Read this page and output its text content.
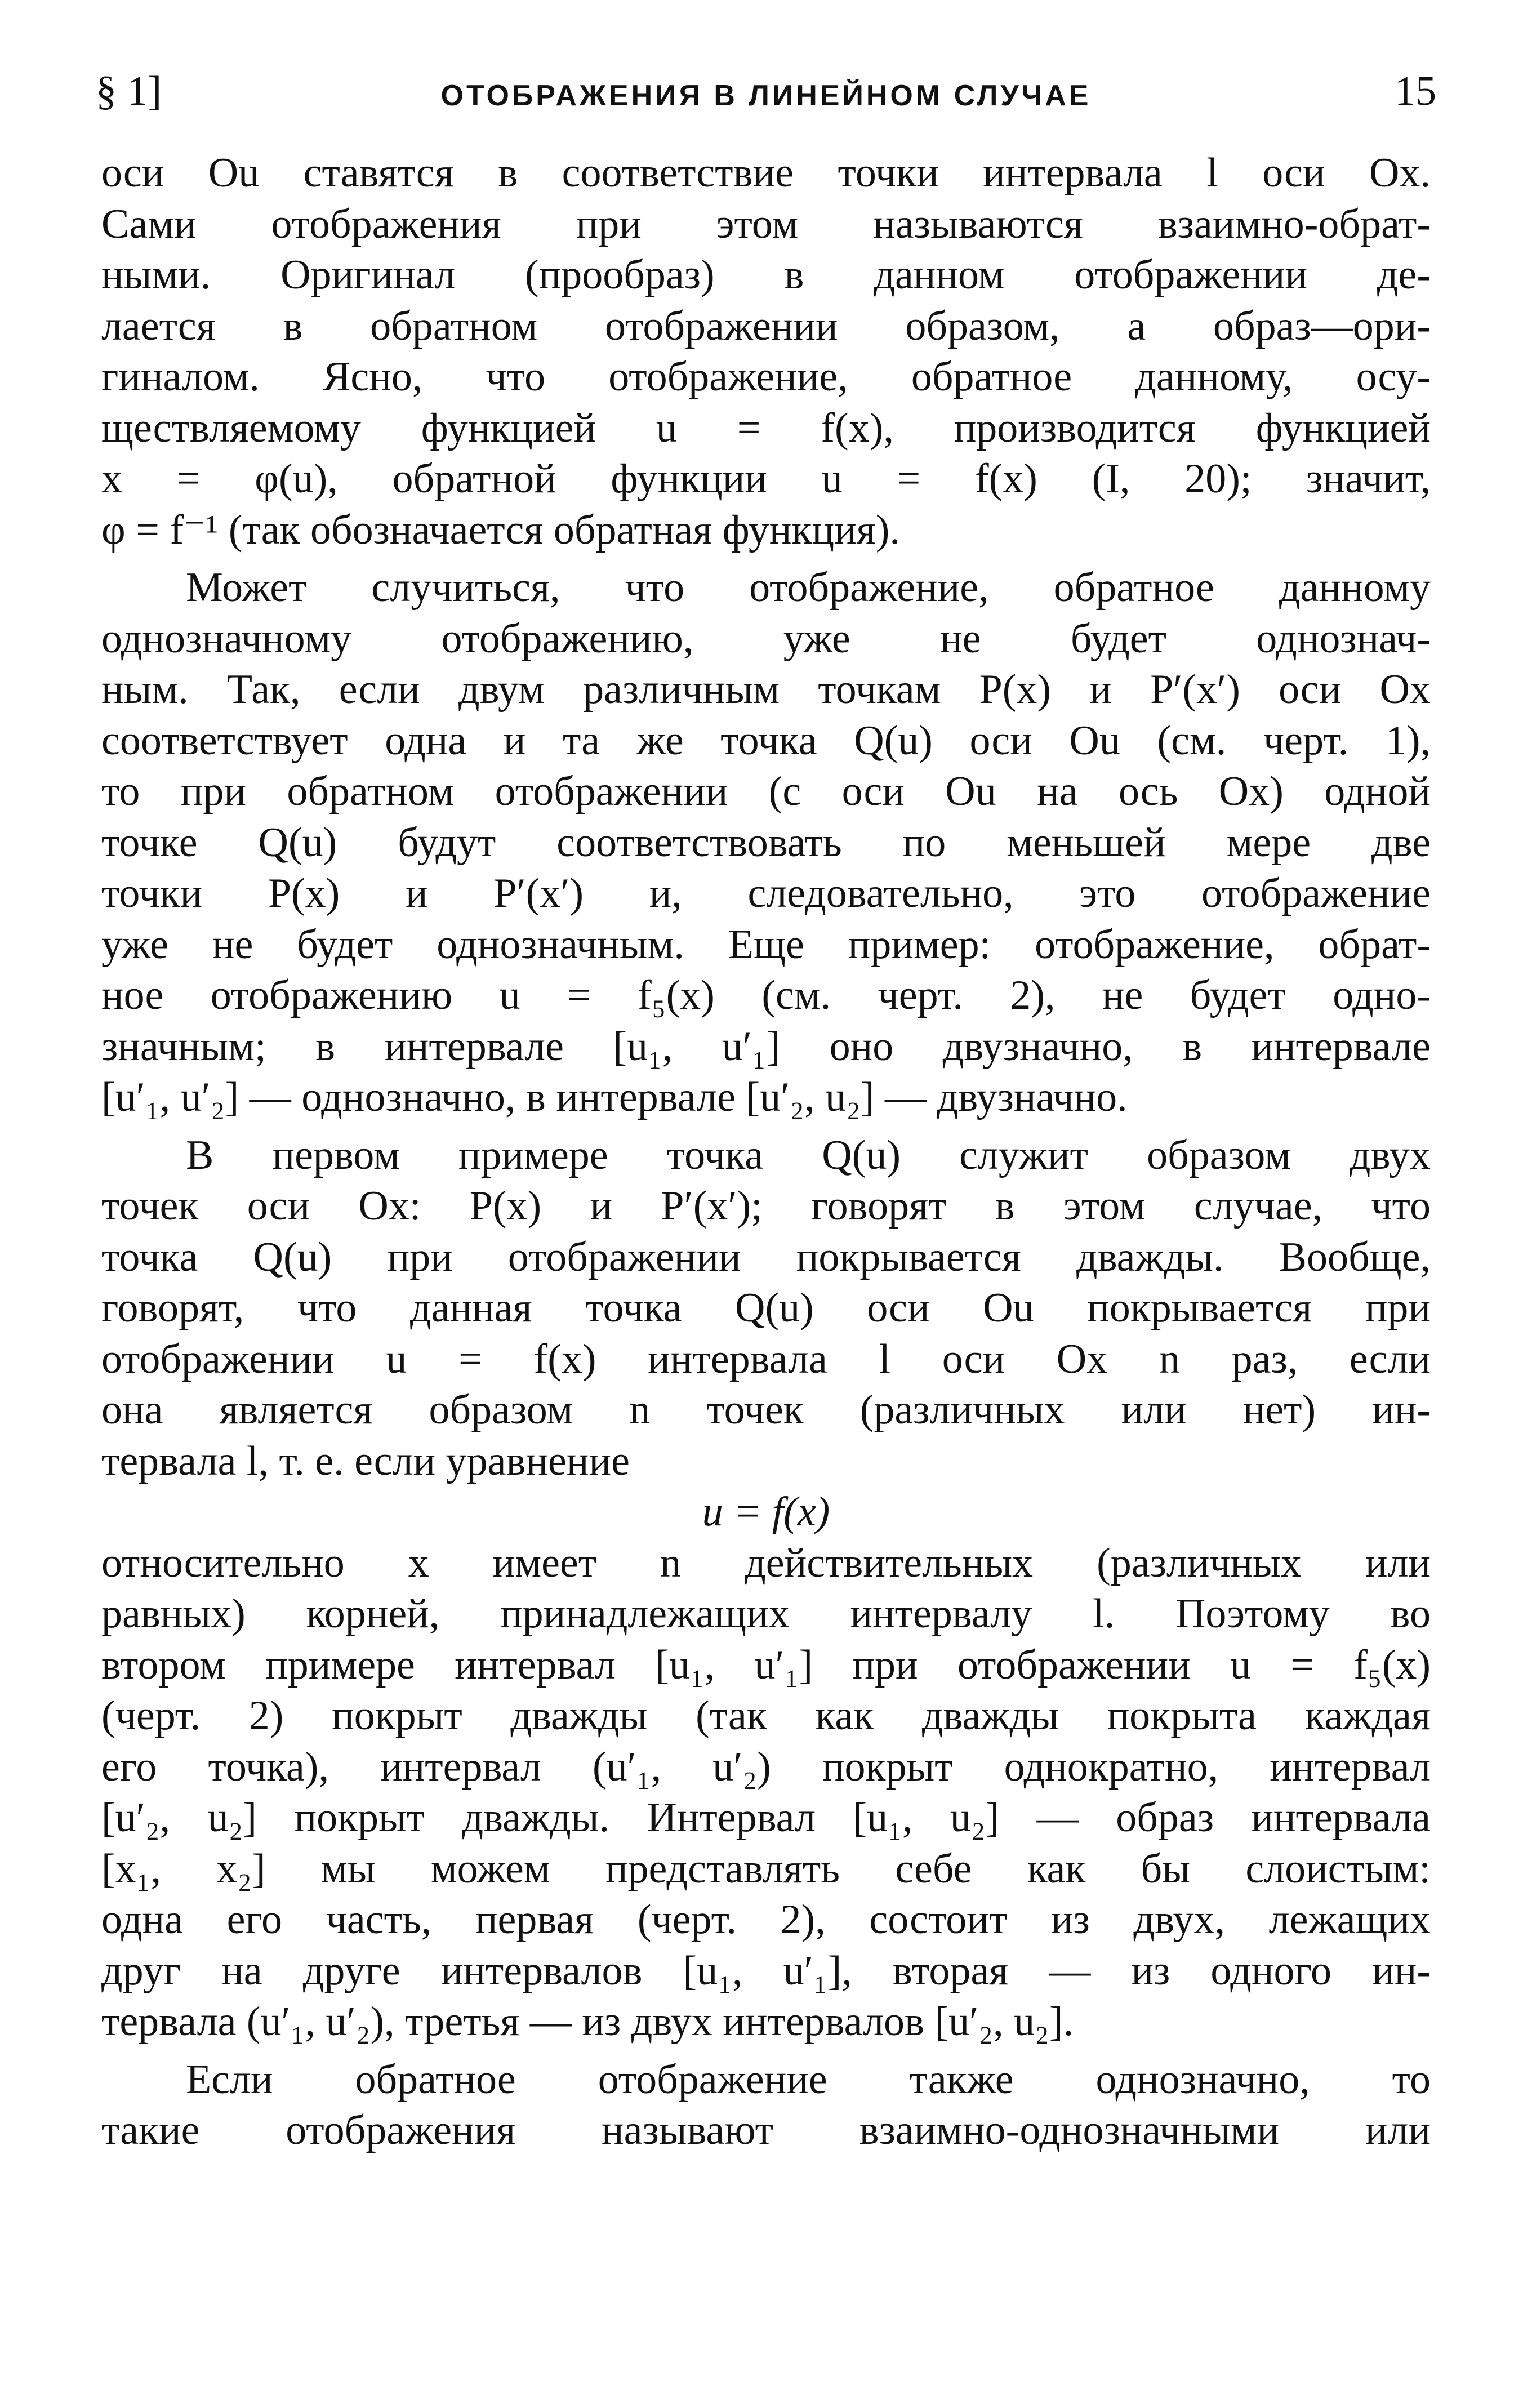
§ 1]	ОТОБРАЖЕНИЯ В ЛИНЕЙНОМ СЛУЧАЕ	15
оси Ou ставятся в соответствие точки интервала l оси Ox.
Сами отображения при этом называются взаимно-обрат-
ными. Оригинал (прообраз) в данном отображении де-
лается в обратном отображении образом, а образ—ори-
гиналом. Ясно, что отображение, обратное данному, осу-
ществляемому функцией u = f(x), производится функцией
x = φ(u), обратной функции u = f(x) (I, 20); значит,
φ = f⁻¹ (так обозначается обратная функция).
Может случиться, что отображение, обратное данному
однозначному отображению, уже не будет однознач-
ным. Так, если двум различным точкам P(x) и P′(x′) оси Ox
соответствует одна и та же точка Q(u) оси Ou (см. черт. 1),
то при обратном отображении (с оси Ou на ось Ox) одной
точке Q(u) будут соответствовать по меньшей мере две
точки P(x) и P′(x′) и, следовательно, это отображение
уже не будет однозначным. Еще пример: отображение, обрат-
ное отображению u = f₅(x) (см. черт. 2), не будет одно-
значным; в интервале [u₁, u′₁] оно двузначно, в интервале
[u′₁, u′₂] — однозначно, в интервале [u′₂, u₂] — двузначно.
В первом примере точка Q(u) служит образом двух
точек оси Ox: P(x) и P′(x′); говорят в этом случае, что
точка Q(u) при отображении покрывается дважды. Вообще,
говорят, что данная точка Q(u) оси Ou покрывается при
отображении u = f(x) интервала l оси Ox n раз, если
она является образом n точек (различных или нет) ин-
тервала l, т. е. если уравнение
u = f(x)
относительно x имеет n действительных (различных или
равных) корней, принадлежащих интервалу l. Поэтому во
втором примере интервал [u₁, u′₁] при отображении u = f₅(x)
(черт. 2) покрыт дважды (так как дважды покрыта каждая
его точка), интервал (u′₁, u′₂) покрыт однократно, интервал
[u′₂, u₂] покрыт дважды. Интервал [u₁, u₂] — образ интервала
[x₁, x₂] мы можем представлять себе как бы слоистым:
одна его часть, первая (черт. 2), состоит из двух, лежащих
друг на друге интервалов [u₁, u′₁], вторая — из одного ин-
тервала (u′₁, u′₂), третья — из двух интервалов [u′₂, u₂].
Если обратное отображение также однозначно, то
такие отображения называют взаимно-однозначными или
